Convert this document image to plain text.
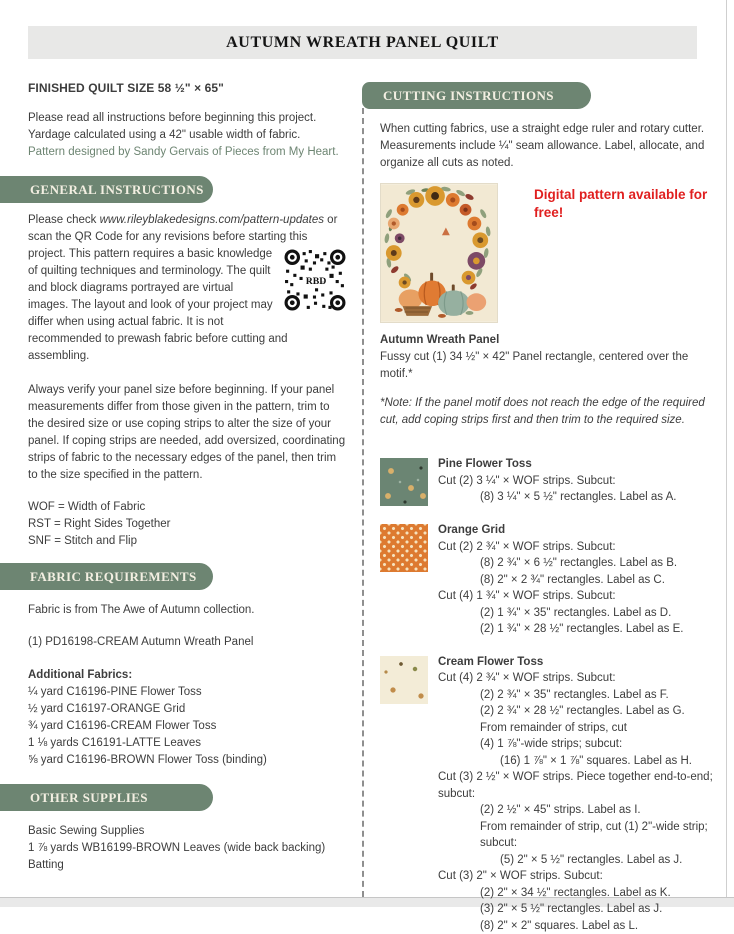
AUTUMN WREATH PANEL QUILT

FINISHED QUILT SIZE 58 ½" × 65"

Please read all instructions before beginning this project.
Yardage calculated using a 42" usable width of fabric.
Pattern designed by Sandy Gervais of Pieces from My Heart.

GENERAL INSTRUCTIONS

Please check www.rileyblakedesigns.com/pattern-updates or scan the QR Code for any revisions before starting this project.
RBD
This pattern requires a basic knowledge of quilting techniques and terminology. The quilt and block diagrams portrayed are virtual images. The layout and look of your project may differ when using actual fabric. It is not recommended to prewash fabric before cutting and assembling.

Always verify your panel size before beginning. If your panel measurements differ from those given in the pattern, trim to the desired size or use coping strips to alter the size of your panel. If coping strips are needed, add oversized, coordinating strips of fabric to the necessary edges of the panel, then trim to the size specified in the pattern.

WOF = Width of Fabric
RST = Right Sides Together
SNF = Stitch and Flip
FABRIC REQUIREMENTS

Fabric is from The Awe of Autumn collection.

(1) PD16198-CREAM Autumn Wreath Panel

Additional Fabrics:
¼ yard C16196-PINE Flower Toss
½ yard C16197-ORANGE Grid
¾ yard C16196-CREAM Flower Toss
1 ⅛ yards C16191-LATTE Leaves
⅝ yard C16196-BROWN Flower Toss (binding)
OTHER SUPPLIES
Basic Sewing Supplies
1 ⅞ yards WB16199-BROWN Leaves (wide back backing)
Batting
CUTTING INSTRUCTIONS

When cutting fabrics, use a straight edge ruler and rotary cutter. Measurements include ¼" seam allowance. Label, allocate, and organize all cuts as noted.

Digital pattern available for free!

Autumn Wreath Panel

Fussy cut (1) 34 ½" × 42" Panel rectangle, centered over the motif.*

*Note: If the panel motif does not reach the edge of the required cut, add coping strips first and then trim to the required size.

Pine Flower Toss
Cut (2) 3 ¼" × WOF strips. Subcut:
(8) 3 ¼" × 5 ½" rectangles. Label as A.
Orange Grid
Cut (2) 2 ¾" × WOF strips. Subcut:
(8) 2 ¾" × 6 ½" rectangles. Label as B.
(8) 2" × 2 ¾" rectangles. Label as C.
Cut (4) 1 ¾" × WOF strips. Subcut:
(2) 1 ¾" × 35" rectangles. Label as D.
(2) 1 ¾" × 28 ½" rectangles. Label as E.
Cream Flower Toss
Cut (4) 2 ¾" × WOF strips. Subcut:
(2) 2 ¾" × 35" rectangles. Label as F.
(2) 2 ¾" × 28 ½" rectangles. Label as G.
From remainder of strips, cut
(4) 1 ⅞"-wide strips; subcut:
(16) 1 ⅞" × 1 ⅞" squares. Label as H.
Cut (3) 2 ½" × WOF strips. Piece together end-to-end; subcut:
(2) 2 ½" × 45" strips. Label as I.
From remainder of strip, cut (1) 2"-wide strip; subcut:
(5) 2" × 5 ½" rectangles. Label as J.
Cut (3) 2" × WOF strips. Subcut:
(2) 2" × 34 ½" rectangles. Label as K.
(3) 2" × 5 ½" rectangles. Label as J.
(8) 2" × 2" squares. Label as L.
